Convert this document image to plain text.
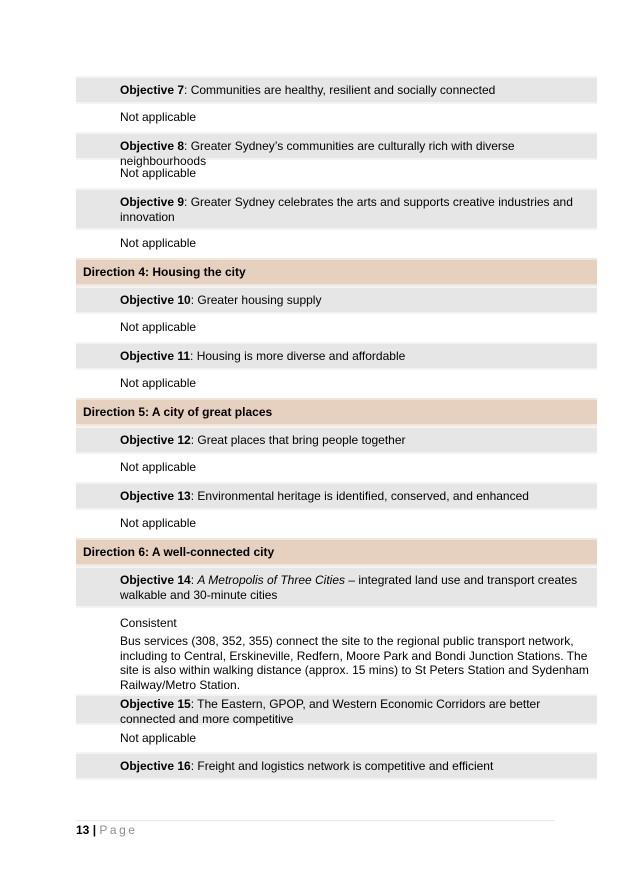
Objective 7: Communities are healthy, resilient and socially connected
Not applicable
Objective 8: Greater Sydney’s communities are culturally rich with diverse neighbourhoods
Not applicable
Objective 9: Greater Sydney celebrates the arts and supports creative industries and innovation
Not applicable
Direction 4: Housing the city
Objective 10: Greater housing supply
Not applicable
Objective 11: Housing is more diverse and affordable
Not applicable
Direction 5: A city of great places
Objective 12: Great places that bring people together
Not applicable
Objective 13: Environmental heritage is identified, conserved, and enhanced
Not applicable
Direction 6: A well-connected city
Objective 14: A Metropolis of Three Cities – integrated land use and transport creates walkable and 30-minute cities
Consistent
Bus services (308, 352, 355) connect the site to the regional public transport network, including to Central, Erskineville, Redfern, Moore Park and Bondi Junction Stations. The site is also within walking distance (approx. 15 mins) to St Peters Station and Sydenham Railway/Metro Station.
Objective 15: The Eastern, GPOP, and Western Economic Corridors are better connected and more competitive
Not applicable
Objective 16: Freight and logistics network is competitive and efficient
13 | Page
